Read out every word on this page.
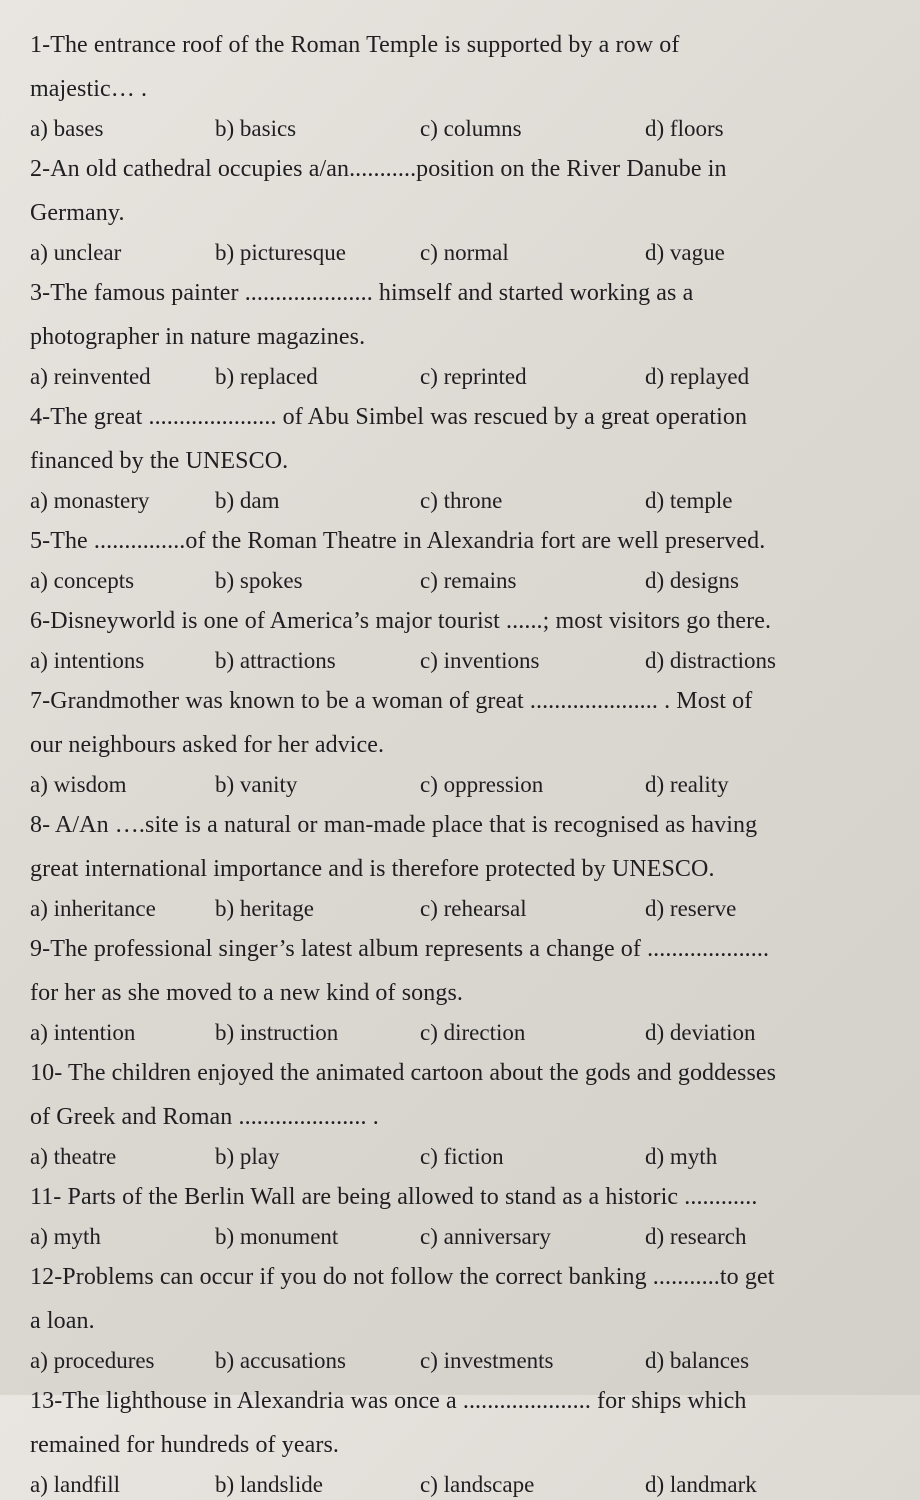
1-The entrance roof of the Roman Temple is supported by a row of

majestic… .

a) bases	b) basics	c) columns	d) floors

2-An old cathedral occupies a/an...........position on the River Danube in

Germany.

a) unclear	b) picturesque	c) normal	d) vague

3-The famous painter ..................... himself and started working as a

photographer in nature magazines.

a) reinvented	b) replaced	c) reprinted	d) replayed

4-The great ..................... of Abu Simbel was rescued by a great operation

financed by the UNESCO.

a) monastery	b) dam	c) throne	d) temple

5-The ...............of the Roman Theatre in Alexandria fort are well preserved.

a) concepts	b) spokes	c) remains	d) designs

6-Disneyworld is one of America’s major tourist ......; most visitors go there.

a) intentions	b) attractions	c) inventions	d) distractions

7-Grandmother was known to be a woman of great ..................... . Most of

our neighbours asked for her advice.

a) wisdom	b) vanity	c) oppression	d) reality

8- A/An ….site is a natural or man-made place that is recognised as having

great international importance and is therefore protected by UNESCO.

a) inheritance	b) heritage	c) rehearsal	d) reserve

9-The professional singer’s latest album represents a change of ....................

for her as she moved to a new kind of songs.

a) intention	b) instruction	c) direction	d) deviation

10- The children enjoyed the animated cartoon about the gods and goddesses

of Greek and Roman ..................... .

a) theatre	b) play	c) fiction	d) myth

11- Parts of the Berlin Wall are being allowed to stand as a historic ............

a) myth	b) monument	c) anniversary	d) research

12-Problems can occur if you do not follow the correct banking ...........to get

a loan.

a) procedures	b) accusations	c) investments	d) balances

13-The lighthouse in Alexandria was once a ..................... for ships which

remained for hundreds of years.

a) landfill	b) landslide	c) landscape	d) landmark
